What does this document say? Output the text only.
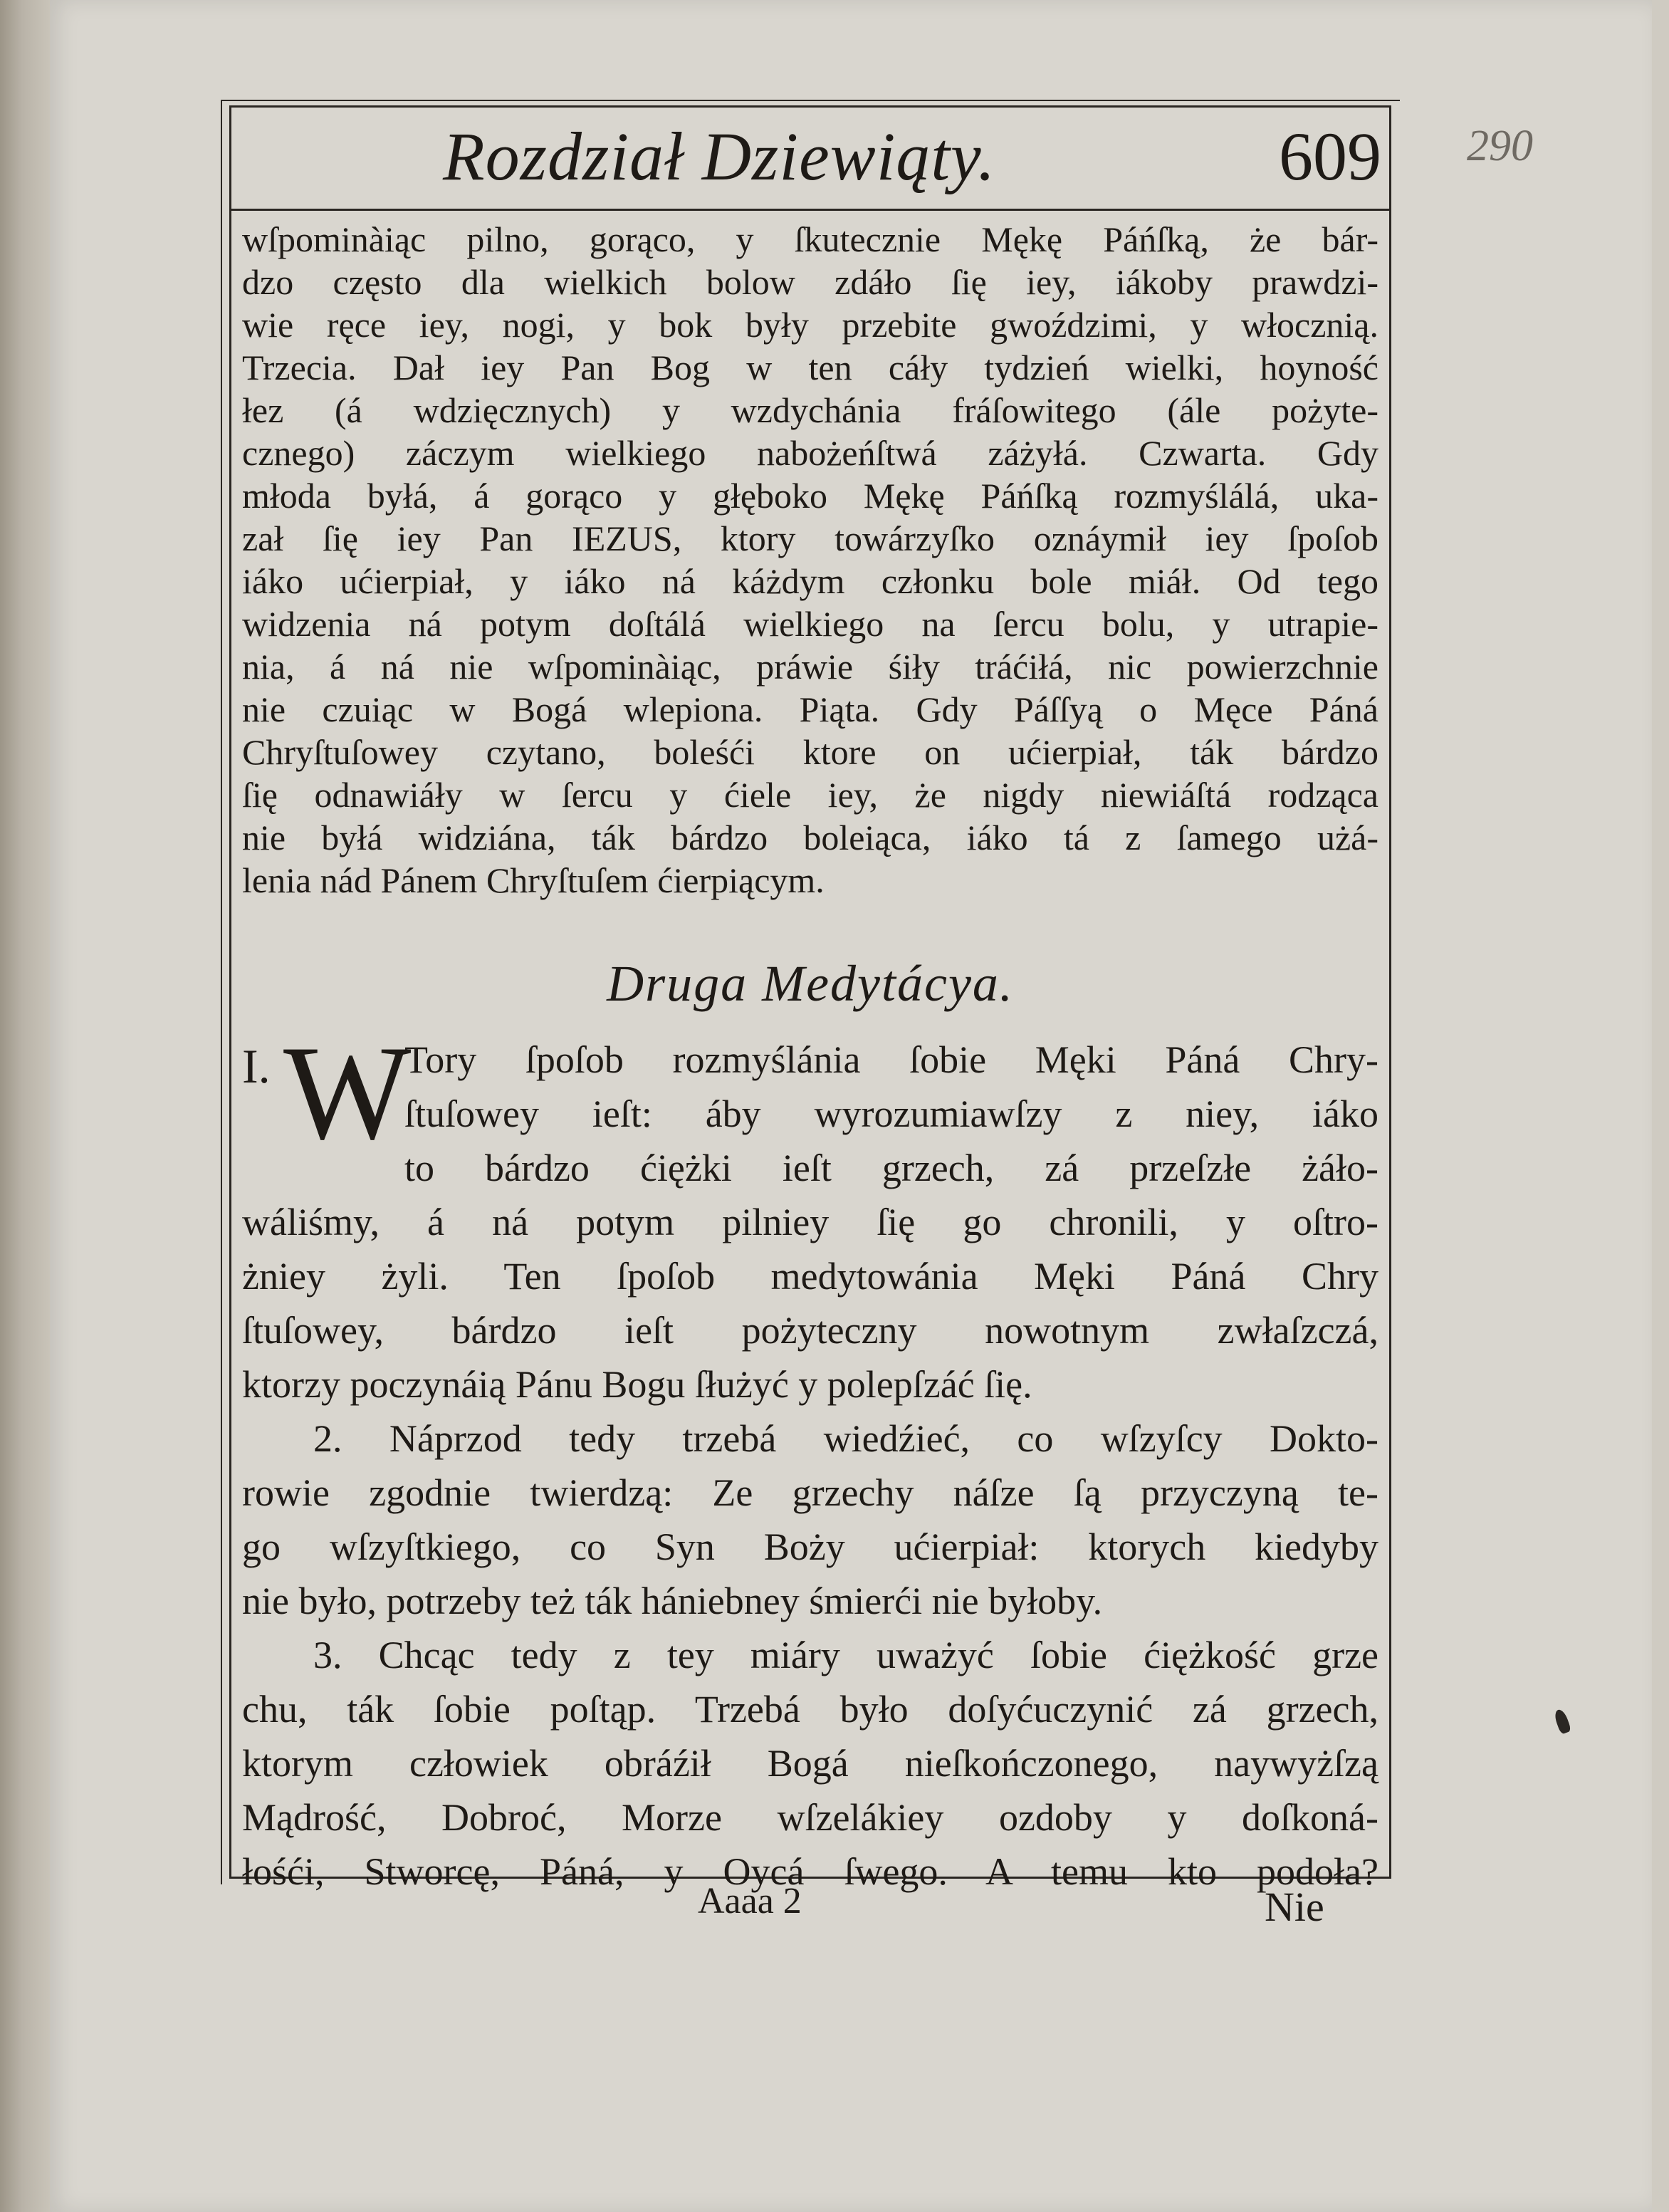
Rozdział Dziewiąty.	609 290
wſpominàiąc pilno, gorąco, y ſkutecznie Mękę Páńſką, że bár-
dzo często dla wielkich bolow zdáło ſię iey, iákoby prawdzi-
wie ręce iey, nogi, y bok były przebite gwoździmi, y włocznią.
Trzecia. Dał iey Pan Bog w ten cáły tydzień wielki, hoyność
łez (á wdzięcznych) y wzdychánia fráſowitego (ále pożyte-
cznego) záczym wielkiego nabożeńſtwá záżyłá. Czwarta. Gdy
młoda byłá, á gorąco y głęboko Mękę Páńſką rozmyślálá, uka-
zał ſię iey Pan IEZUS, ktory towárzyſko oznáymił iey ſpoſob
iáko ućierpiał, y iáko ná káżdym członku bole miáł. Od tego
widzenia ná potym doſtálá wielkiego na ſercu bolu, y utrapie-
nia, á ná nie wſpominàiąc, práwie śiły tráćiłá, nic powierzchnie
nie czuiąc w Bogá wlepiona. Piąta. Gdy Páſſyą o Męce Páná
Chryſtuſowey czytano, boleśći ktore on ućierpiał, ták bárdzo
ſię odnawiáły w ſercu y ćiele iey, że nigdy niewiáſtá rodząca
nie byłá widziána, ták bárdzo boleiąca, iáko tá z ſamego użá-
lenia nád Pánem Chryſtuſem ćierpiącym.
Druga Medytácya.
I. W
Tory ſpoſob rozmyślánia ſobie Męki Páná Chry-
ſtuſowey ieſt: áby wyrozumiawſzy z niey, iáko
to bárdzo ćiężki ieſt grzech, zá przeſzłe żáło-
wáliśmy, á ná potym pilniey ſię go chronili, y oſtro-
żniey żyli. Ten ſpoſob medytowánia Męki Páná Chry
ſtuſowey, bárdzo ieſt pożyteczny nowotnym zwłaſzczá,
ktorzy poczynáią Pánu Bogu ſłużyć y polepſzáć ſię.
2. Náprzod tedy trzebá wiedźieć, co wſzyſcy Dokto-
rowie zgodnie twierdzą: Ze grzechy náſze ſą przyczyną te-
go wſzyſtkiego, co Syn Boży ućierpiał: ktorych kiedyby
nie było, potrzeby też ták hániebney śmierći nie byłoby.
3. Chcąc tedy z tey miáry uważyć ſobie ćiężkość grze
chu, ták ſobie poſtąp. Trzebá było doſyćuczynić zá grzech,
ktorym człowiek obráźił Bogá nieſkończonego, naywyżſzą
Mądrość, Dobroć, Morze wſzelákiey ozdoby y doſkoná-
łośći, Stworcę, Páná, y Oycá ſwego. A temu kto podoła?
Aaaa 2	Nie
